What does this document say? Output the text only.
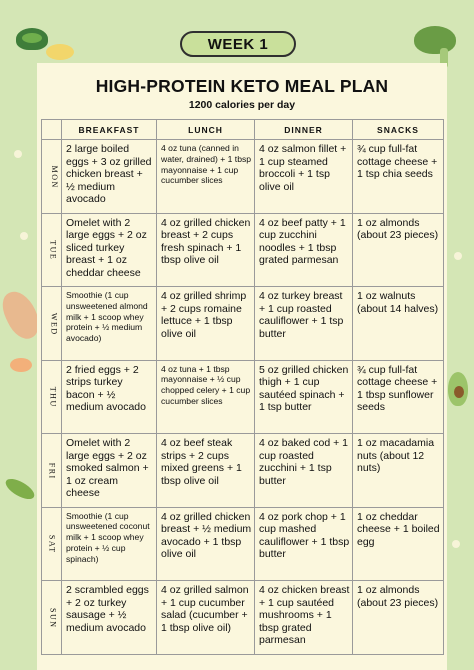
WEEK 1
HIGH-PROTEIN KETO MEAL PLAN
1200 calories per day
	BREAKFAST	LUNCH	DINNER	SNACKS
MON	2 large boiled eggs + 3 oz grilled chicken breast + ½ medium avocado	4 oz tuna (canned in water, drained) + 1 tbsp mayonnaise + 1 cup cucumber slices	4 oz salmon fillet + 1 cup steamed broccoli + 1 tsp olive oil	¾ cup full-fat cottage cheese + 1 tsp chia seeds
TUE	Omelet with 2 large eggs + 2 oz sliced turkey breast + 1 oz cheddar cheese	4 oz grilled chicken breast + 2 cups fresh spinach + 1 tbsp olive oil	4 oz beef patty + 1 cup zucchini noodles + 1 tbsp grated parmesan	1 oz almonds (about 23 pieces)
WED	Smoothie (1 cup unsweetened almond milk + 1 scoop whey protein + ½ medium avocado)	4 oz grilled shrimp + 2 cups romaine lettuce + 1 tbsp olive oil	4 oz turkey breast + 1 cup roasted cauliflower + 1 tsp butter	1 oz walnuts (about 14 halves)
THU	2 fried eggs + 2 strips turkey bacon + ½ medium avocado	4 oz tuna + 1 tbsp mayonnaise + ½ cup chopped celery + 1 cup cucumber slices	5 oz grilled chicken thigh + 1 cup sautéed spinach + 1 tsp butter	¾ cup full-fat cottage cheese + 1 tbsp sunflower seeds
FRI	Omelet with 2 large eggs + 2 oz smoked salmon + 1 oz cream cheese	4 oz beef steak strips + 2 cups mixed greens + 1 tbsp olive oil	4 oz baked cod + 1 cup roasted zucchini + 1 tsp butter	1 oz macadamia nuts (about 12 nuts)
SAT	Smoothie (1 cup unsweetened coconut milk + 1 scoop whey protein + ½ cup spinach)	4 oz grilled chicken breast + ½ medium avocado + 1 tbsp olive oil	4 oz pork chop + 1 cup mashed cauliflower + 1 tbsp butter	1 oz cheddar cheese + 1 boiled egg
SUN	2 scrambled eggs + 2 oz turkey sausage + ½ medium avocado	4 oz grilled salmon + 1 cup cucumber salad (cucumber + 1 tbsp olive oil)	4 oz chicken breast + 1 cup sautéed mushrooms + 1 tbsp grated parmesan	1 oz almonds (about 23 pieces)
